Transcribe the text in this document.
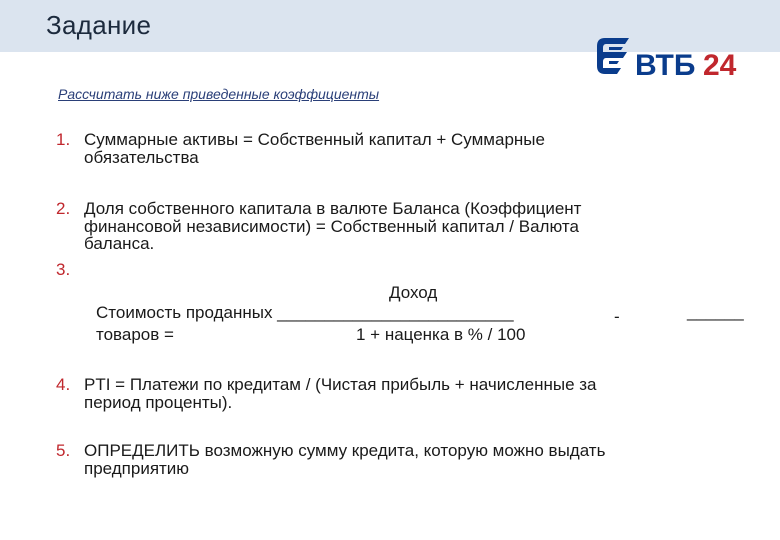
Задание
ВТБ 24
Рассчитать ниже приведенные коэффициенты
1. Суммарные активы = Собственный капитал + Суммарные
обязательства
2. Доля собственного капитала в валюте Баланса (Коэффициент
финансовой независимости) = Собственный капитал / Валюта
баланса.
3.
Доход
Стоимость проданных _________________________
товаров =	1 + наценка в % / 100
-	______
4. PTI = Платежи по кредитам / (Чистая прибыль + начисленные за
период проценты).
5. ОПРЕДЕЛИТЬ возможную сумму кредита, которую можно выдать
предприятию
